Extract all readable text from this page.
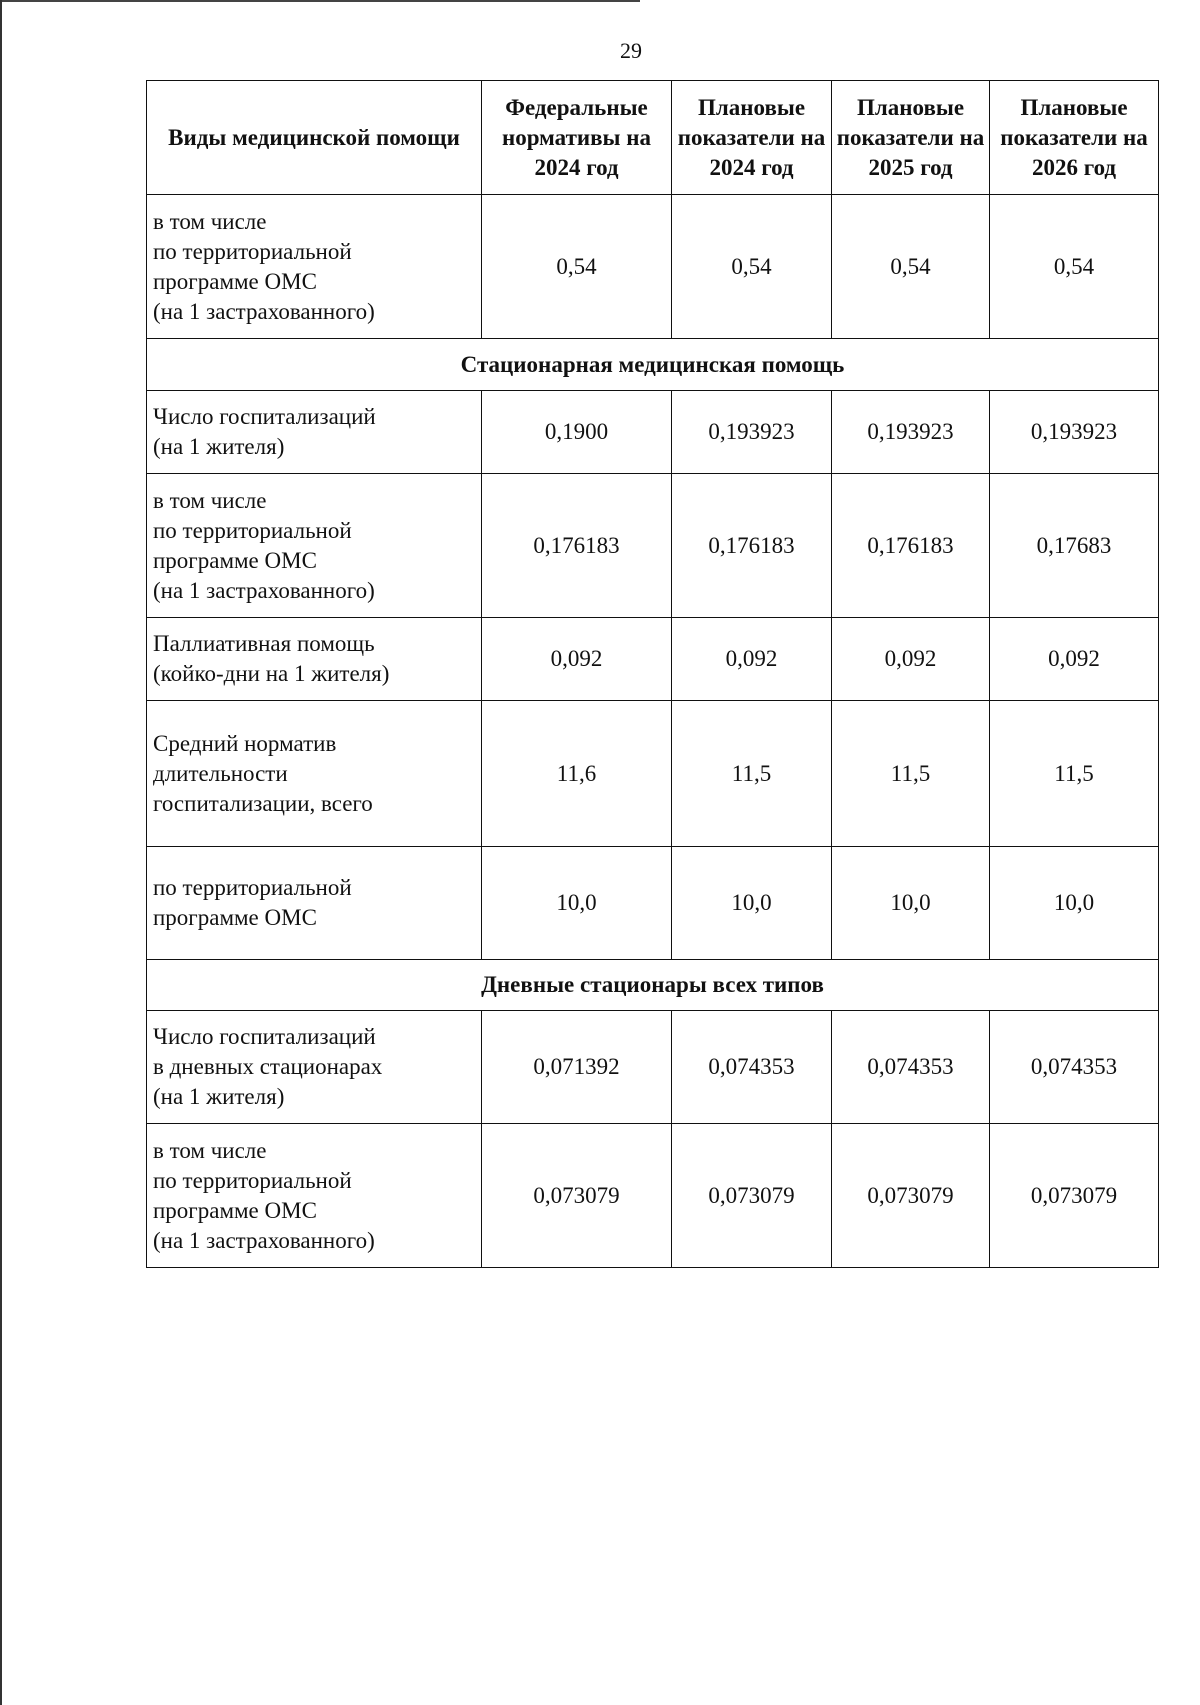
29
Виды медицинской помощи	Федеральные нормативы на 2024 год	Плановые показатели на 2024 год	Плановые показатели на 2025 год	Плановые показатели на 2026 год
в том числе
по территориальной
программе ОМС
(на 1 застрахованного)	0,54	0,54	0,54	0,54
Стационарная медицинская помощь				
Число госпитализаций
(на 1 жителя)	0,1900	0,193923	0,193923	0,193923
в том числе
по территориальной
программе ОМС
(на 1 застрахованного)	0,176183	0,176183	0,176183	0,17683
Паллиативная помощь
(койко-дни на 1 жителя)	0,092	0,092	0,092	0,092
Средний норматив
длительности
госпитализации, всего	11,6	11,5	11,5	11,5
по территориальной
программе ОМС	10,0	10,0	10,0	10,0
Дневные стационары всех типов				
Число госпитализаций
в дневных стационарах
(на 1 жителя)	0,071392	0,074353	0,074353	0,074353
в том числе
по территориальной
программе ОМС
(на 1 застрахованного)	0,073079	0,073079	0,073079	0,073079
